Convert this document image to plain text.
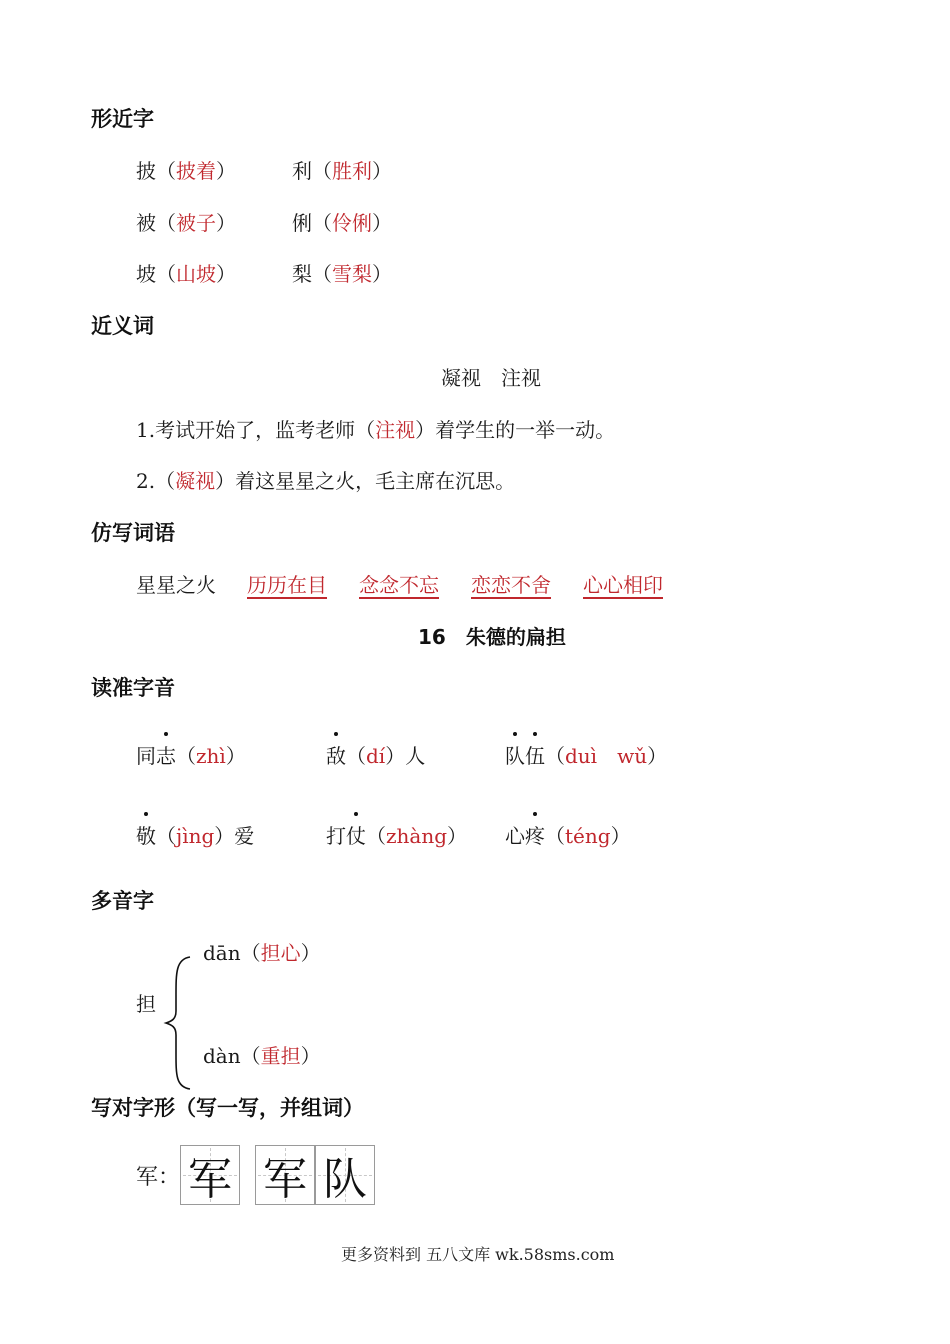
形近字
披（披着）	利（胜利）
被（被子）	俐（伶俐）
坡（山坡）	梨（雪梨）
近义词
凝视　注视
1.考试开始了，监考老师（注视）着学生的一举一动。
2.（凝视）着这星星之火，毛主席在沉思。
仿写词语
星星之火 历历在目 念念不忘 恋恋不舍 心心相印
16　朱德的扁担
读准字音
同志（zhì）	敌（dí）人	队伍（duì　wǔ）
敬（jìng）爱	打仗（zhàng） 心疼（téng）
多音字
担
dān（担心）
dàn（重担）
写对字形（写一写，并组词）
军： 军 军 队
更多资料到 五八文库 wk.58sms.com
